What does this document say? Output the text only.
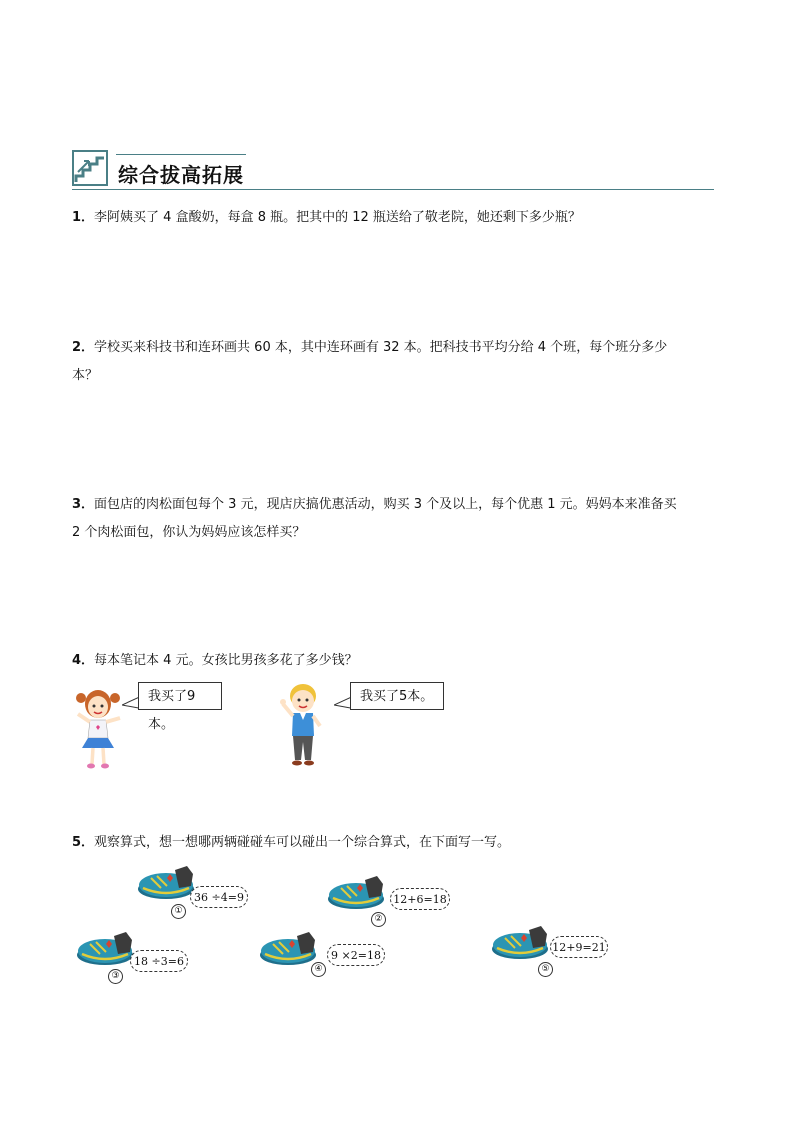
综合拔高拓展
1．李阿姨买了 4 盒酸奶，每盒 8 瓶。把其中的 12 瓶送给了敬老院，她还剩下多少瓶？
2．学校买来科技书和连环画共 60 本，其中连环画有 32 本。把科技书平均分给 4 个班，每个班分多少
本？
3．面包店的肉松面包每个 3 元，现店庆搞优惠活动，购买 3 个及以上，每个优惠 1 元。妈妈本来准备买
2 个肉松面包，你认为妈妈应该怎样买？
4．每本笔记本 4 元。女孩比男孩多花了多少钱？
我买了9本。
我买了5本。
5．观察算式，想一想哪两辆碰碰车可以碰出一个综合算式，在下面写一写。
36 ÷4=9
①
12+6=18
②
18 ÷3=6
③
9 ×2=18
④
12+9=21
⑤
